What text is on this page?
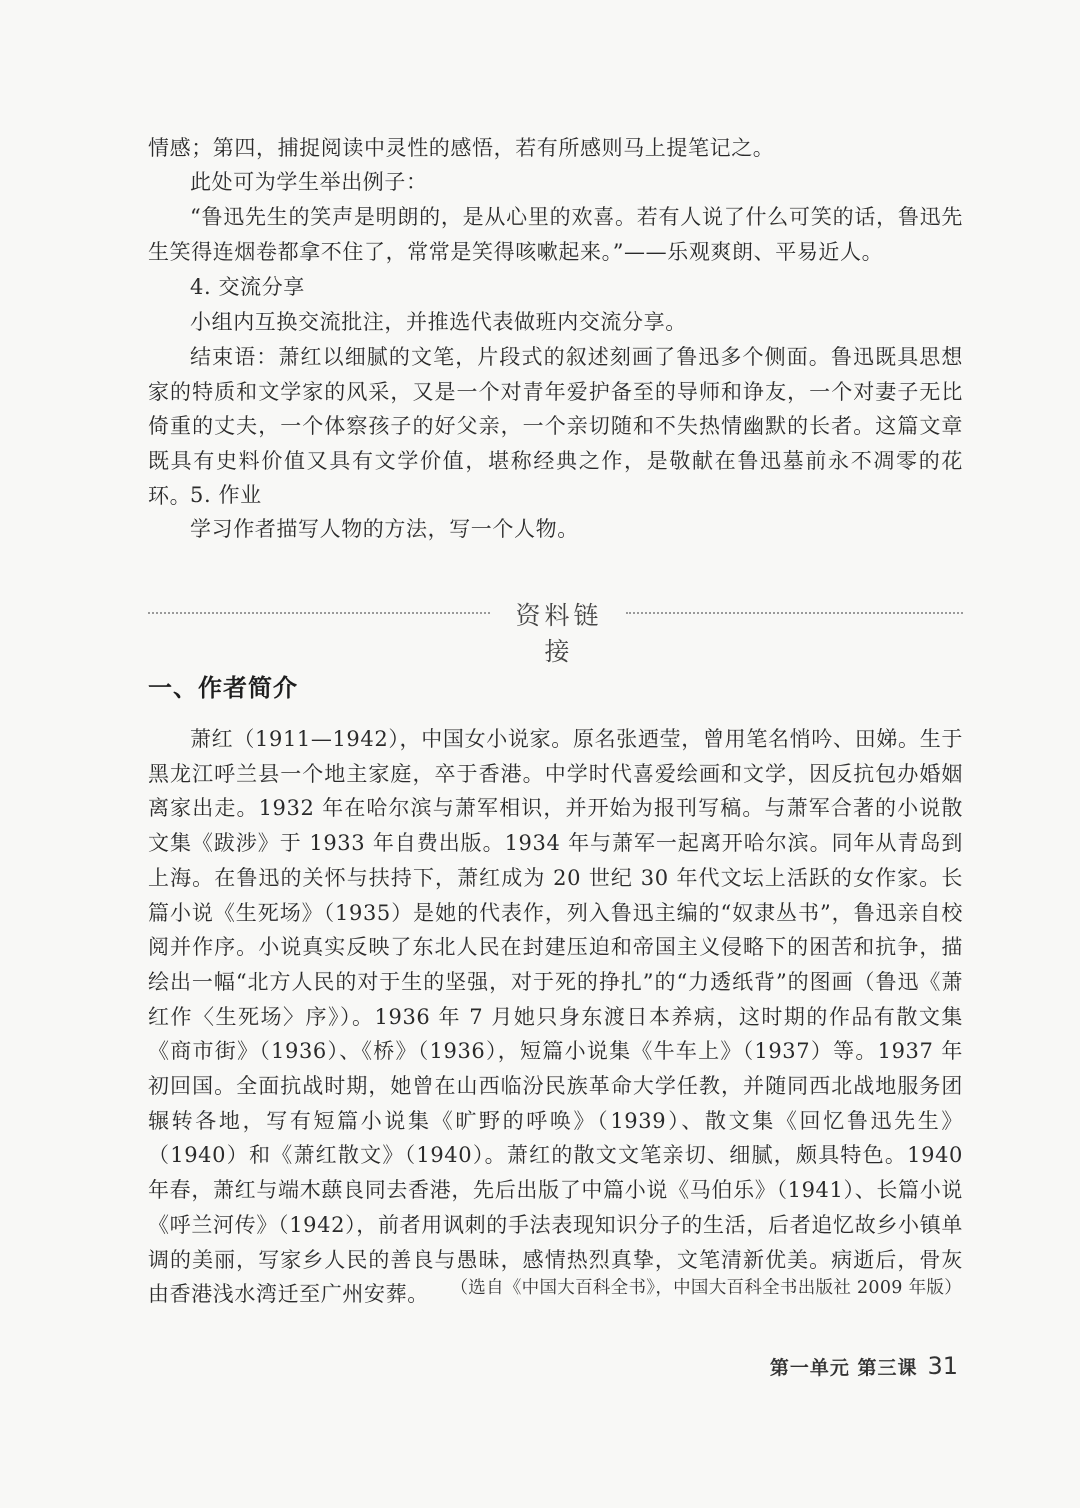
情感；第四，捕捉阅读中灵性的感悟，若有所感则马上提笔记之。

此处可为学生举出例子：

“鲁迅先生的笑声是明朗的，是从心里的欢喜。若有人说了什么可笑的话，鲁迅先生笑得连烟卷都拿不住了，常常是笑得咳嗽起来。”——乐观爽朗、平易近人。

4. 交流分享

小组内互换交流批注，并推选代表做班内交流分享。

结束语：萧红以细腻的文笔，片段式的叙述刻画了鲁迅多个侧面。鲁迅既具思想家的特质和文学家的风采，又是一个对青年爱护备至的导师和诤友，一个对妻子无比倚重的丈夫，一个体察孩子的好父亲，一个亲切随和不失热情幽默的长者。这篇文章既具有史料价值又具有文学价值，堪称经典之作，是敬献在鲁迅墓前永不凋零的花环。

5. 作业

学习作者描写人物的方法，写一个人物。

资料链接
一、作者简介

萧红（1911—1942），中国女小说家。原名张迺莹，曾用笔名悄吟、田娣。生于黑龙江呼兰县一个地主家庭，卒于香港。中学时代喜爱绘画和文学，因反抗包办婚姻离家出走。1932 年在哈尔滨与萧军相识，并开始为报刊写稿。与萧军合著的小说散文集《跋涉》于 1933 年自费出版。1934 年与萧军一起离开哈尔滨。同年从青岛到上海。在鲁迅的关怀与扶持下，萧红成为 20 世纪 30 年代文坛上活跃的女作家。长篇小说《生死场》（1935）是她的代表作，列入鲁迅主编的“奴隶丛书”，鲁迅亲自校阅并作序。小说真实反映了东北人民在封建压迫和帝国主义侵略下的困苦和抗争，描绘出一幅“北方人民的对于生的坚强，对于死的挣扎”的“力透纸背”的图画（鲁迅《萧红作〈生死场〉序》）。1936 年 7 月她只身东渡日本养病，这时期的作品有散文集《商市街》（1936）、《桥》（1936），短篇小说集《牛车上》（1937）等。1937 年初回国。全面抗战时期，她曾在山西临汾民族革命大学任教，并随同西北战地服务团辗转各地，写有短篇小说集《旷野的呼唤》（1939）、散文集《回忆鲁迅先生》（1940）和《萧红散文》（1940）。萧红的散文文笔亲切、细腻，颇具特色。1940 年春，萧红与端木蕻良同去香港，先后出版了中篇小说《马伯乐》（1941）、长篇小说《呼兰河传》（1942），前者用讽刺的手法表现知识分子的生活，后者追忆故乡小镇单调的美丽，写家乡人民的善良与愚昧，感情热烈真挚，文笔清新优美。病逝后，骨灰由香港浅水湾迁至广州安葬。	（选自《中国大百科全书》，中国大百科全书出版社 2009 年版）

第一单元 第三课 31
